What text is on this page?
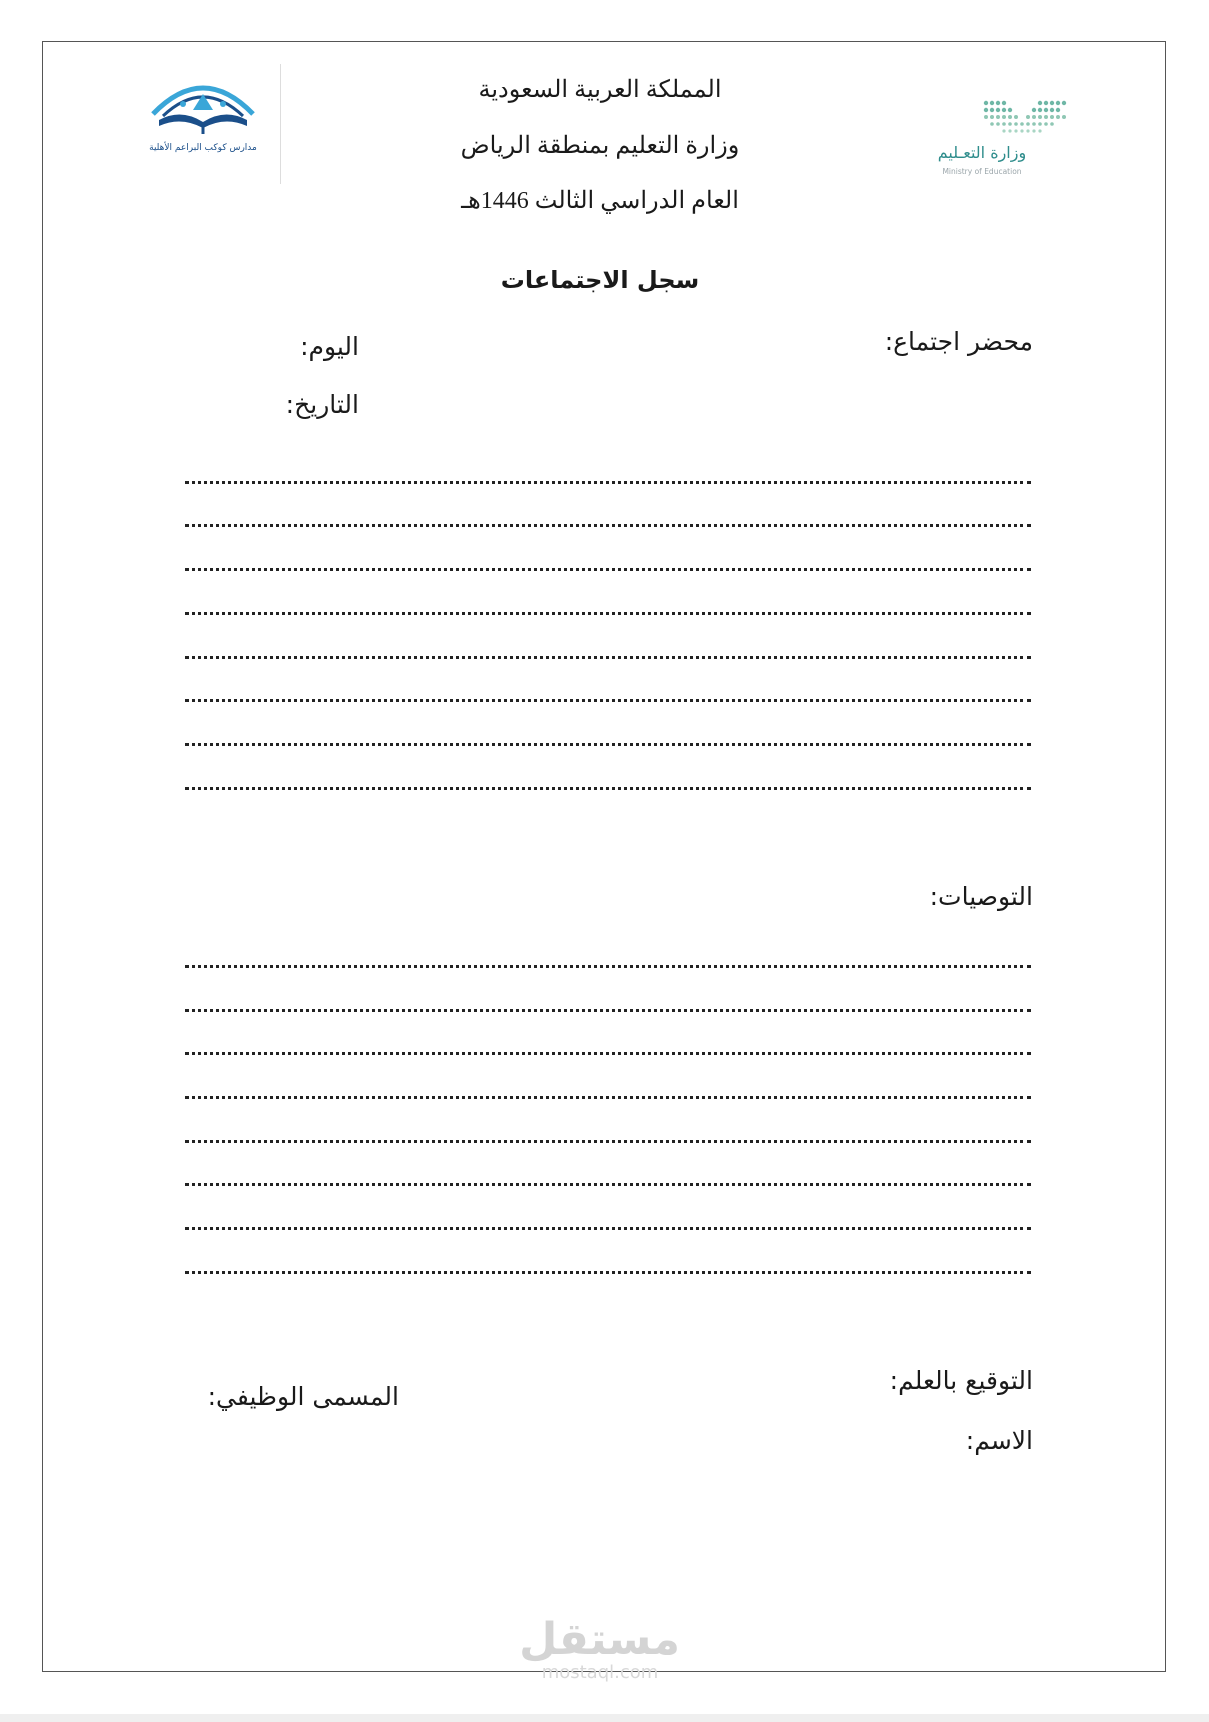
مدارس كوكب البراعم الأهلية	وزارة التعـليم
Ministry of Education
المملكة العربية السعودية
وزارة التعليم بمنطقة الرياض
العام الدراسي الثالث 1446هـ
سجل الاجتماعات
محضر اجتماع:
اليوم:
التاريخ:
التوصيات:
التوقيع بالعلم:
المسمى الوظيفي:
الاسم:
مستقل
mostaql.com
